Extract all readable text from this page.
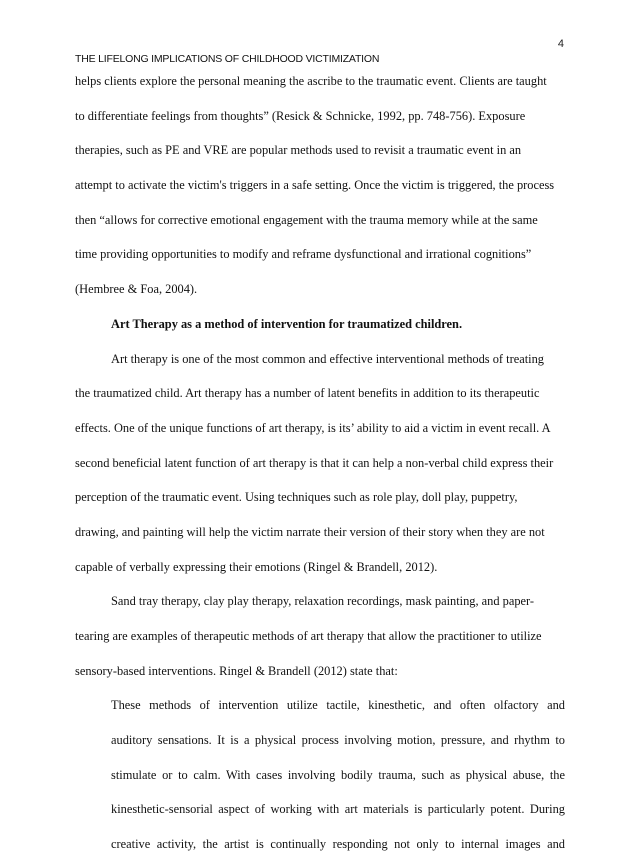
4
THE LIFELONG IMPLICATIONS OF CHILDHOOD VICTIMIZATION
helps clients explore the personal meaning the ascribe to the traumatic event. Clients are taught
to differentiate feelings from thoughts” (Resick & Schnicke, 1992, pp. 748-756). Exposure
therapies, such as PE and VRE are popular methods used to revisit a traumatic event in an
attempt to activate the victim's triggers in a safe setting. Once the victim is triggered, the process
then “allows for corrective emotional engagement with the trauma memory while at the same
time providing opportunities to modify and reframe dysfunctional and irrational cognitions”
(Hembree & Foa, 2004).
Art Therapy as a method of intervention for traumatized children.
Art therapy is one of the most common and effective interventional methods of treating
the traumatized child. Art therapy has a number of latent benefits in addition to its therapeutic
effects. One of the unique functions of art therapy, is its’ ability to aid a victim in event recall. A
second beneficial latent function of art therapy is that it can help a non-verbal child express their
perception of the traumatic event. Using techniques such as role play, doll play, puppetry,
drawing, and painting will help the victim narrate their version of their story when they are not
capable of verbally expressing their emotions (Ringel & Brandell, 2012).
Sand tray therapy, clay play therapy, relaxation recordings, mask painting, and paper-
tearing are examples of therapeutic methods of art therapy that allow the practitioner to utilize
sensory-based interventions. Ringel & Brandell (2012) state that:
These methods of intervention utilize tactile, kinesthetic, and often olfactory and
auditory sensations. It is a physical process involving motion, pressure, and rhythm to
stimulate or to calm. With cases involving bodily trauma, such as physical abuse, the
kinesthetic-sensorial aspect of working with art materials is particularly potent. During
creative activity, the artist is continually responding not only to internal images and
